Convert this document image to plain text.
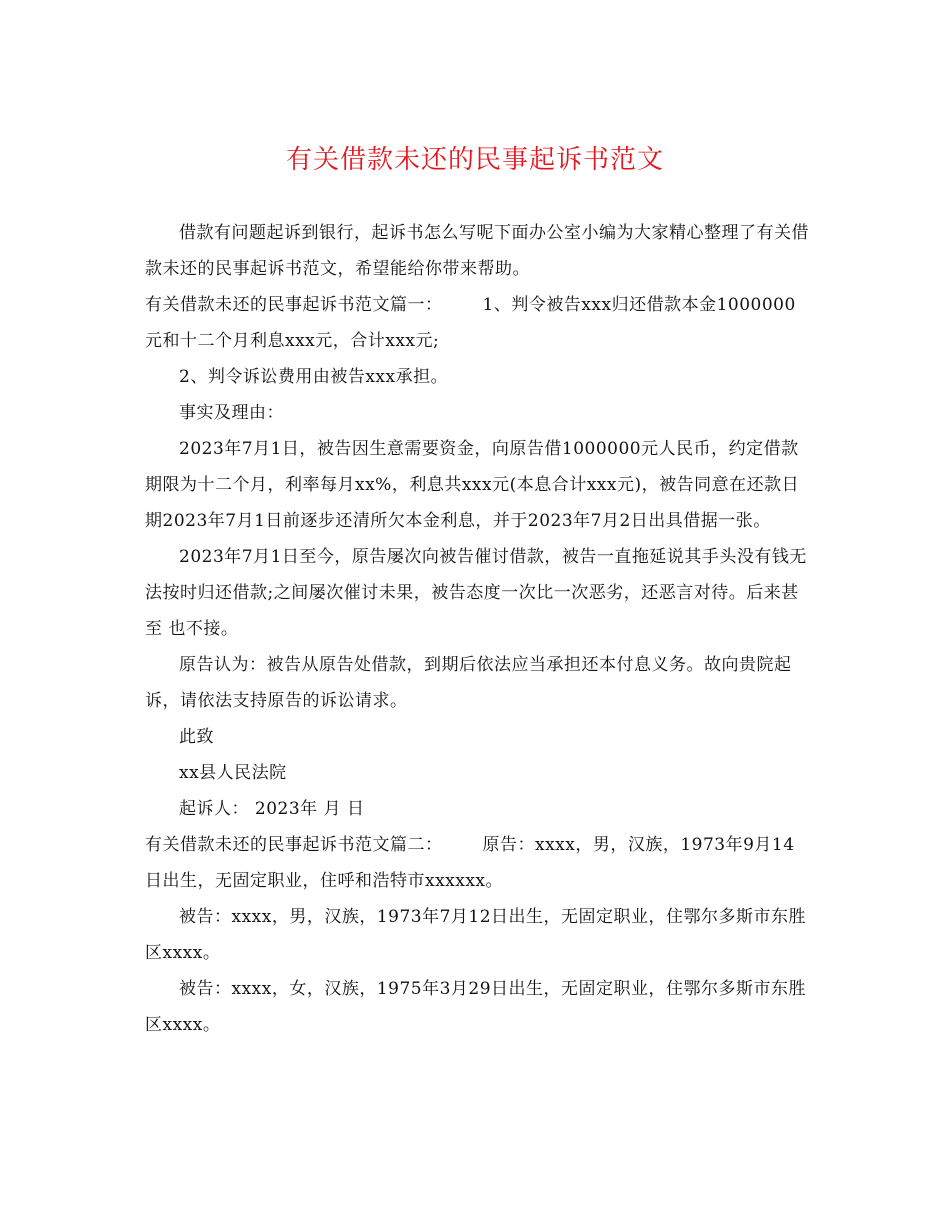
有关借款未还的民事起诉书范文

借款有问题起诉到银行，起诉书怎么写呢下面办公室小编为大家精心整理了有关借款未还的民事起诉书范文，希望能给你带来帮助。

有关借款未还的民事起诉书范文篇一： 1、判令被告xxx归还借款本金1000000元和十二个月利息xxx元，合计xxx元;

2、判令诉讼费用由被告xxx承担。

事实及理由：

2023年7月1日，被告因生意需要资金，向原告借1000000元人民币，约定借款期限为十二个月，利率每月xx%，利息共xxx元(本息合计xxx元)，被告同意在还款日期2023年7月1日前逐步还清所欠本金利息，并于2023年7月2日出具借据一张。

2023年7月1日至今，原告屡次向被告催讨借款，被告一直拖延说其手头没有钱无法按时归还借款;之间屡次催讨未果，被告态度一次比一次恶劣，还恶言对待。后来甚至 也不接。

原告认为：被告从原告处借款，到期后依法应当承担还本付息义务。故向贵院起诉，请依法支持原告的诉讼请求。

此致

xx县人民法院

起诉人： 2023年 月 日

有关借款未还的民事起诉书范文篇二： 原告：xxxx，男，汉族，1973年9月14日出生，无固定职业，住呼和浩特市xxxxxx。

被告：xxxx，男，汉族，1973年7月12日出生，无固定职业，住鄂尔多斯市东胜区xxxx。

被告：xxxx，女，汉族，1975年3月29日出生，无固定职业，住鄂尔多斯市东胜区xxxx。
